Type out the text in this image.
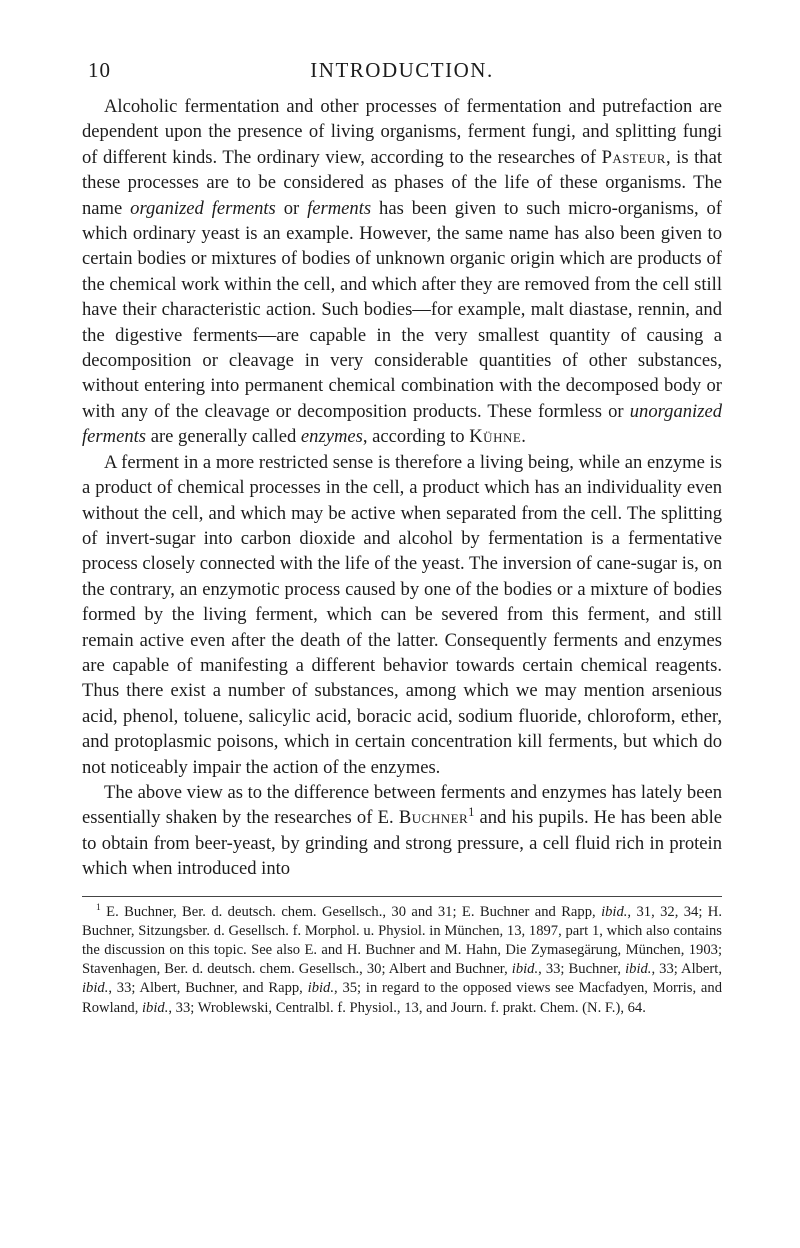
10	INTRODUCTION.

Alcoholic fermentation and other processes of fermentation and putrefaction are dependent upon the presence of living organisms, ferment fungi, and splitting fungi of different kinds. The ordinary view, according to the researches of Pasteur, is that these processes are to be considered as phases of the life of these organisms. The name organized ferments or ferments has been given to such micro-organisms, of which ordinary yeast is an example. However, the same name has also been given to certain bodies or mixtures of bodies of unknown organic origin which are products of the chemical work within the cell, and which after they are removed from the cell still have their characteristic action. Such bodies—for example, malt diastase, rennin, and the digestive ferments—are capable in the very smallest quantity of causing a decomposition or cleavage in very considerable quantities of other substances, without entering into permanent chemical combination with the decomposed body or with any of the cleavage or decomposition products. These formless or unorganized ferments are generally called enzymes, according to Kühne.

A ferment in a more restricted sense is therefore a living being, while an enzyme is a product of chemical processes in the cell, a product which has an individuality even without the cell, and which may be active when separated from the cell. The splitting of invert-sugar into carbon dioxide and alcohol by fermentation is a fermentative process closely connected with the life of the yeast. The inversion of cane-sugar is, on the contrary, an enzymotic process caused by one of the bodies or a mixture of bodies formed by the living ferment, which can be severed from this ferment, and still remain active even after the death of the latter. Consequently ferments and enzymes are capable of manifesting a different behavior towards certain chemical reagents. Thus there exist a number of substances, among which we may mention arsenious acid, phenol, toluene, salicylic acid, boracic acid, sodium fluoride, chloroform, ether, and protoplasmic poisons, which in certain concentration kill ferments, but which do not noticeably impair the action of the enzymes.

The above view as to the difference between ferments and enzymes has lately been essentially shaken by the researches of E. Buchner$^1$ and his pupils. He has been able to obtain from beer-yeast, by grinding and strong pressure, a cell fluid rich in protein which when introduced into

$^1$ E. Buchner, Ber. d. deutsch. chem. Gesellsch., 30 and 31; E. Buchner and Rapp, ibid., 31, 32, 34; H. Buchner, Sitzungsber. d. Gesellsch. f. Morphol. u. Physiol. in München, 13, 1897, part 1, which also contains the discussion on this topic. See also E. and H. Buchner and M. Hahn, Die Zymasegärung, München, 1903; Stavenhagen, Ber. d. deutsch. chem. Gesellsch., 30; Albert and Buchner, ibid., 33; Buchner, ibid., 33; Albert, ibid., 33; Albert, Buchner, and Rapp, ibid., 35; in regard to the opposed views see Macfadyen, Morris, and Rowland, ibid., 33; Wroblewski, Centralbl. f. Physiol., 13, and Journ. f. prakt. Chem. (N. F.), 64.
